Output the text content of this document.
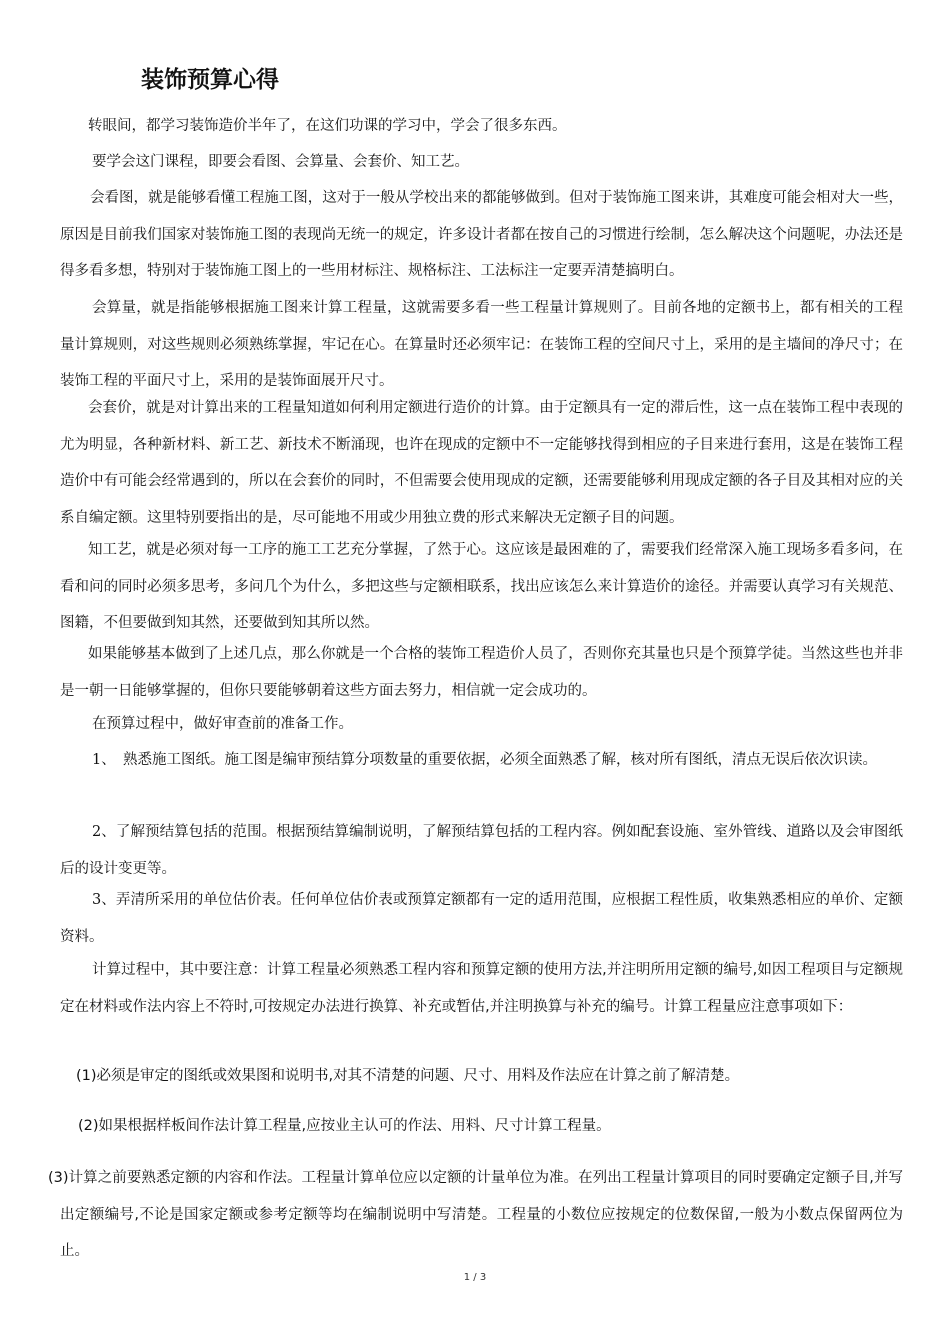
装饰预算心得

转眼间，都学习装饰造价半年了，在这们功课的学习中，学会了很多东西。

要学会这门课程，即要会看图、会算量、会套价、知工艺。

会看图，就是能够看懂工程施工图，这对于一般从学校出来的都能够做到。但对于装饰施工图来讲，其难度可能会相对大一些，原因是目前我们国家对装饰施工图的表现尚无统一的规定，许多设计者都在按自己的习惯进行绘制，怎么解决这个问题呢，办法还是得多看多想，特别对于装饰施工图上的一些用材标注、规格标注、工法标注一定要弄清楚搞明白。

会算量，就是指能够根据施工图来计算工程量，这就需要多看一些工程量计算规则了。目前各地的定额书上，都有相关的工程量计算规则，对这些规则必须熟练掌握，牢记在心。在算量时还必须牢记：在装饰工程的空间尺寸上，采用的是主墙间的净尺寸；在装饰工程的平面尺寸上，采用的是装饰面展开尺寸。

会套价，就是对计算出来的工程量知道如何利用定额进行造价的计算。由于定额具有一定的滞后性，这一点在装饰工程中表现的尤为明显，各种新材料、新工艺、新技术不断涌现，也许在现成的定额中不一定能够找得到相应的子目来进行套用，这是在装饰工程造价中有可能会经常遇到的，所以在会套价的同时，不但需要会使用现成的定额，还需要能够利用现成定额的各子目及其相对应的关系自编定额。这里特别要指出的是，尽可能地不用或少用独立费的形式来解决无定额子目的问题。

知工艺，就是必须对每一工序的施工工艺充分掌握，了然于心。这应该是最困难的了，需要我们经常深入施工现场多看多问，在看和问的同时必须多思考，多问几个为什么，多把这些与定额相联系，找出应该怎么来计算造价的途径。并需要认真学习有关规范、图籍，不但要做到知其然，还要做到知其所以然。

如果能够基本做到了上述几点，那么你就是一个合格的装饰工程造价人员了，否则你充其量也只是个预算学徒。当然这些也并非是一朝一日能够掌握的，但你只要能够朝着这些方面去努力，相信就一定会成功的。

在预算过程中，做好审查前的准备工作。

1、　熟悉施工图纸。施工图是编审预结算分项数量的重要依据，必须全面熟悉了解，核对所有图纸，清点无误后依次识读。

2、了解预结算包括的范围。根据预结算编制说明，了解预结算包括的工程内容。例如配套设施、室外管线、道路以及会审图纸后的设计变更等。

3、弄清所采用的单位估价表。任何单位估价表或预算定额都有一定的适用范围，应根据工程性质，收集熟悉相应的单价、定额资料。

计算过程中，其中要注意：计算工程量必须熟悉工程内容和预算定额的使用方法,并注明所用定额的编号,如因工程项目与定额规定在材料或作法内容上不符时,可按规定办法进行换算、补充或暂估,并注明换算与补充的编号。计算工程量应注意事项如下：

(1)必须是审定的图纸或效果图和说明书,对其不清楚的问题、尺寸、用料及作法应在计算之前了解清楚。

(2)如果根据样板间作法计算工程量,应按业主认可的作法、用料、尺寸计算工程量。

(3)计算之前要熟悉定额的内容和作法。工程量计算单位应以定额的计量单位为准。在列出工程量计算项目的同时要确定定额子目,并写出定额编号,不论是国家定额或参考定额等均在编制说明中写清楚。工程量的小数位应按规定的位数保留,一般为小数点保留两位为止。

1 / 3
